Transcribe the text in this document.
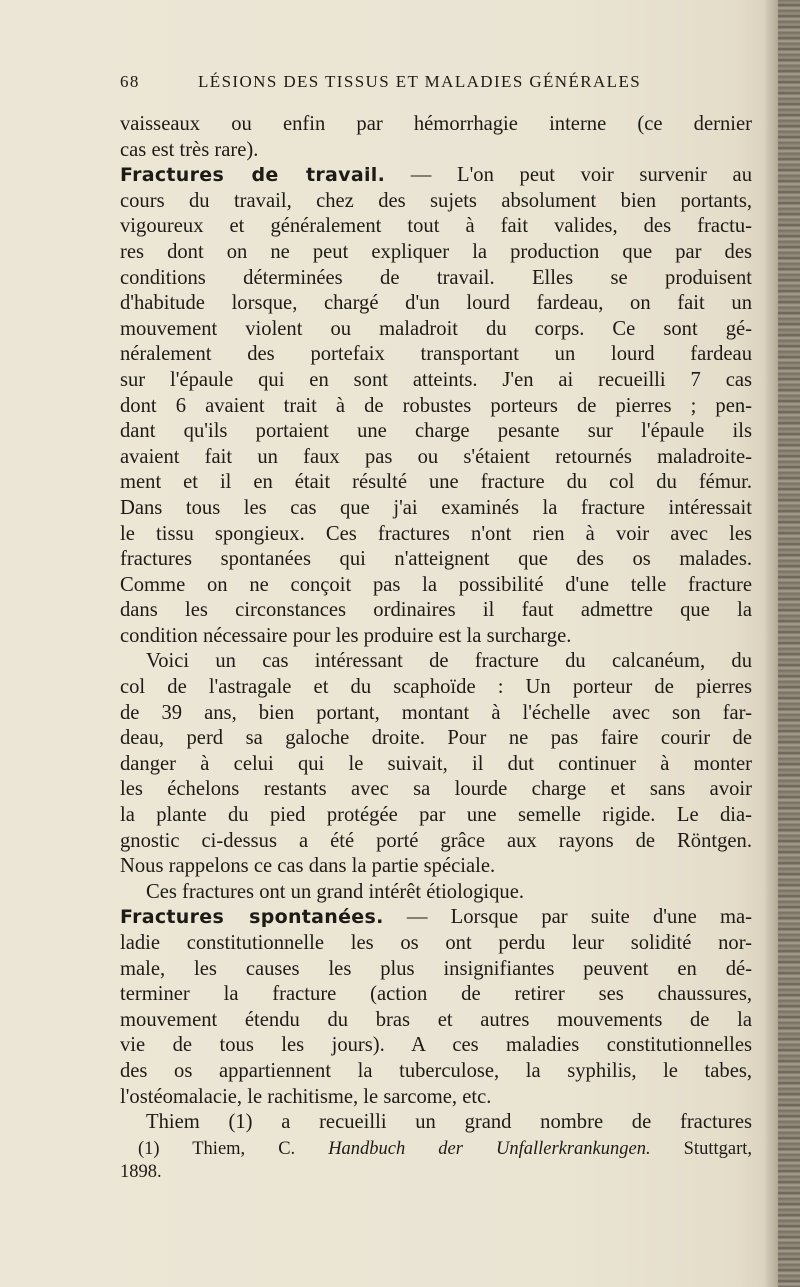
68	LÉSIONS DES TISSUS ET MALADIES GÉNÉRALES
vaisseaux ou enfin par hémorrhagie interne (ce dernier
cas est très rare).
Fractures de travail. — L'on peut voir survenir au
cours du travail, chez des sujets absolument bien portants,
vigoureux et généralement tout à fait valides, des fractu-
res dont on ne peut expliquer la production que par des
conditions déterminées de travail. Elles se produisent
d'habitude lorsque, chargé d'un lourd fardeau, on fait un
mouvement violent ou maladroit du corps. Ce sont gé-
néralement des portefaix transportant un lourd fardeau
sur l'épaule qui en sont atteints. J'en ai recueilli 7 cas
dont 6 avaient trait à de robustes porteurs de pierres ; pen-
dant qu'ils portaient une charge pesante sur l'épaule ils
avaient fait un faux pas ou s'étaient retournés maladroite-
ment et il en était résulté une fracture du col du fémur.
Dans tous les cas que j'ai examinés la fracture intéressait
le tissu spongieux. Ces fractures n'ont rien à voir avec les
fractures spontanées qui n'atteignent que des os malades.
Comme on ne conçoit pas la possibilité d'une telle fracture
dans les circonstances ordinaires il faut admettre que la
condition nécessaire pour les produire est la surcharge.
Voici un cas intéressant de fracture du calcanéum, du
col de l'astragale et du scaphoïde : Un porteur de pierres
de 39 ans, bien portant, montant à l'échelle avec son far-
deau, perd sa galoche droite. Pour ne pas faire courir de
danger à celui qui le suivait, il dut continuer à monter
les échelons restants avec sa lourde charge et sans avoir
la plante du pied protégée par une semelle rigide. Le dia-
gnostic ci-dessus a été porté grâce aux rayons de Röntgen.
Nous rappelons ce cas dans la partie spéciale.
Ces fractures ont un grand intérêt étiologique.
Fractures spontanées. — Lorsque par suite d'une ma-
ladie constitutionnelle les os ont perdu leur solidité nor-
male, les causes les plus insignifiantes peuvent en dé-
terminer la fracture (action de retirer ses chaussures,
mouvement étendu du bras et autres mouvements de la
vie de tous les jours). A ces maladies constitutionnelles
des os appartiennent la tuberculose, la syphilis, le tabes,
l'ostéomalacie, le rachitisme, le sarcome, etc.
Thiem (1) a recueilli un grand nombre de fractures
(1) Thiem, C. Handbuch der Unfallerkrankungen. Stuttgart,
1898.
